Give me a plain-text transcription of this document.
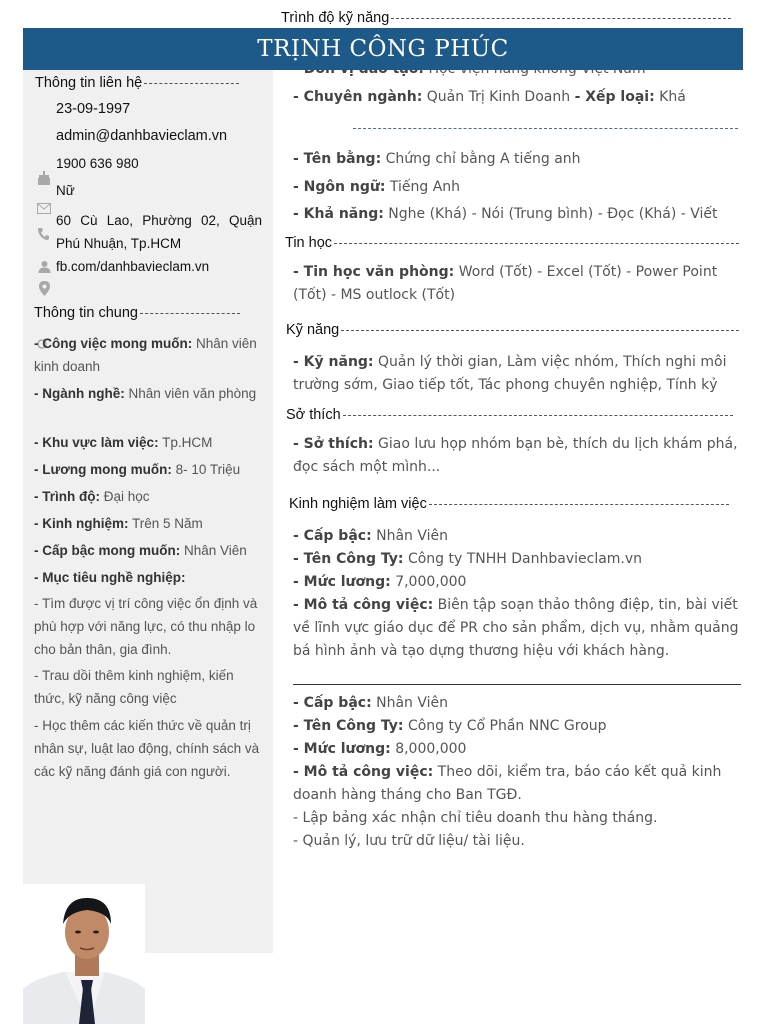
Trình độ kỹ năng
TRỊNH CÔNG PHÚC
- Chuyên ngành: Quản Trị Kinh Doanh - Xếp loại: Khá
- Tên bằng: Chứng chỉ bằng A tiếng anh
- Ngôn ngữ: Tiếng Anh
- Khả năng: Nghe (Khá) - Nói (Trung bình) - Đọc (Khá) - Viết
Tin học
- Tin học văn phòng: Word (Tốt) - Excel (Tốt) - Power Point (Tốt) - MS outlock (Tốt)
Kỹ năng
- Kỹ năng: Quản lý thời gian, Làm việc nhóm, Thích nghi môi trường sớm, Giao tiếp tốt, Tác phong chuyên nghiệp, Tính kỷ
Sở thích
- Sở thích: Giao lưu họp nhóm bạn bè, thích du lịch khám phá, đọc sách một mình...
Kinh nghiệm làm việc
- Cấp bậc: Nhân Viên
- Tên Công Ty: Công ty TNHH Danhbavieclam.vn
- Mức lương: 7,000,000
- Mô tả công việc: Biên tập soạn thảo thông điệp, tin, bài viết về lĩnh vực giáo dục để PR cho sản phẩm, dịch vụ, nhằm quảng bá hình ảnh và tạo dựng thương hiệu với khách hàng.
- Cấp bậc: Nhân Viên
- Tên Công Ty: Công ty Cổ Phần NNC Group
- Mức lương: 8,000,000
- Mô tả công việc: Theo dõi, kiểm tra, báo cáo kết quả kinh doanh hàng tháng cho Ban TGĐ.
- Lập bảng xác nhận chỉ tiêu doanh thu hàng tháng.
- Quản lý, lưu trữ dữ liệu/ tài liệu.
Thông tin liên hệ
23-09-1997
admin@danhbavieclam.vn
1900 636 980
Nữ
60 Cù Lao, Phường 02, Quận
Phú Nhuận, Tp.HCM
fb.com/danhbavieclam.vn
Thông tin chung
- Công việc mong muốn: Nhân viên kinh doanh
- Ngành nghề: Nhân viên văn phòng
- Khu vực làm việc: Tp.HCM
- Lương mong muốn: 8- 10 Triệu
- Trình độ: Đại học
- Kinh nghiệm: Trên 5 Năm
- Cấp bậc mong muốn: Nhân Viên
- Mục tiêu nghề nghiệp:
- Tìm được vị trí công việc ổn định và phù hợp với năng lực, có thu nhập lo cho bản thân, gia đình.
- Trau dồi thêm kinh nghiệm, kiến thức, kỹ năng công việc
- Học thêm các kiến thức về quản trị nhân sự, luật lao động, chính sách và các kỹ năng đánh giá con người.
